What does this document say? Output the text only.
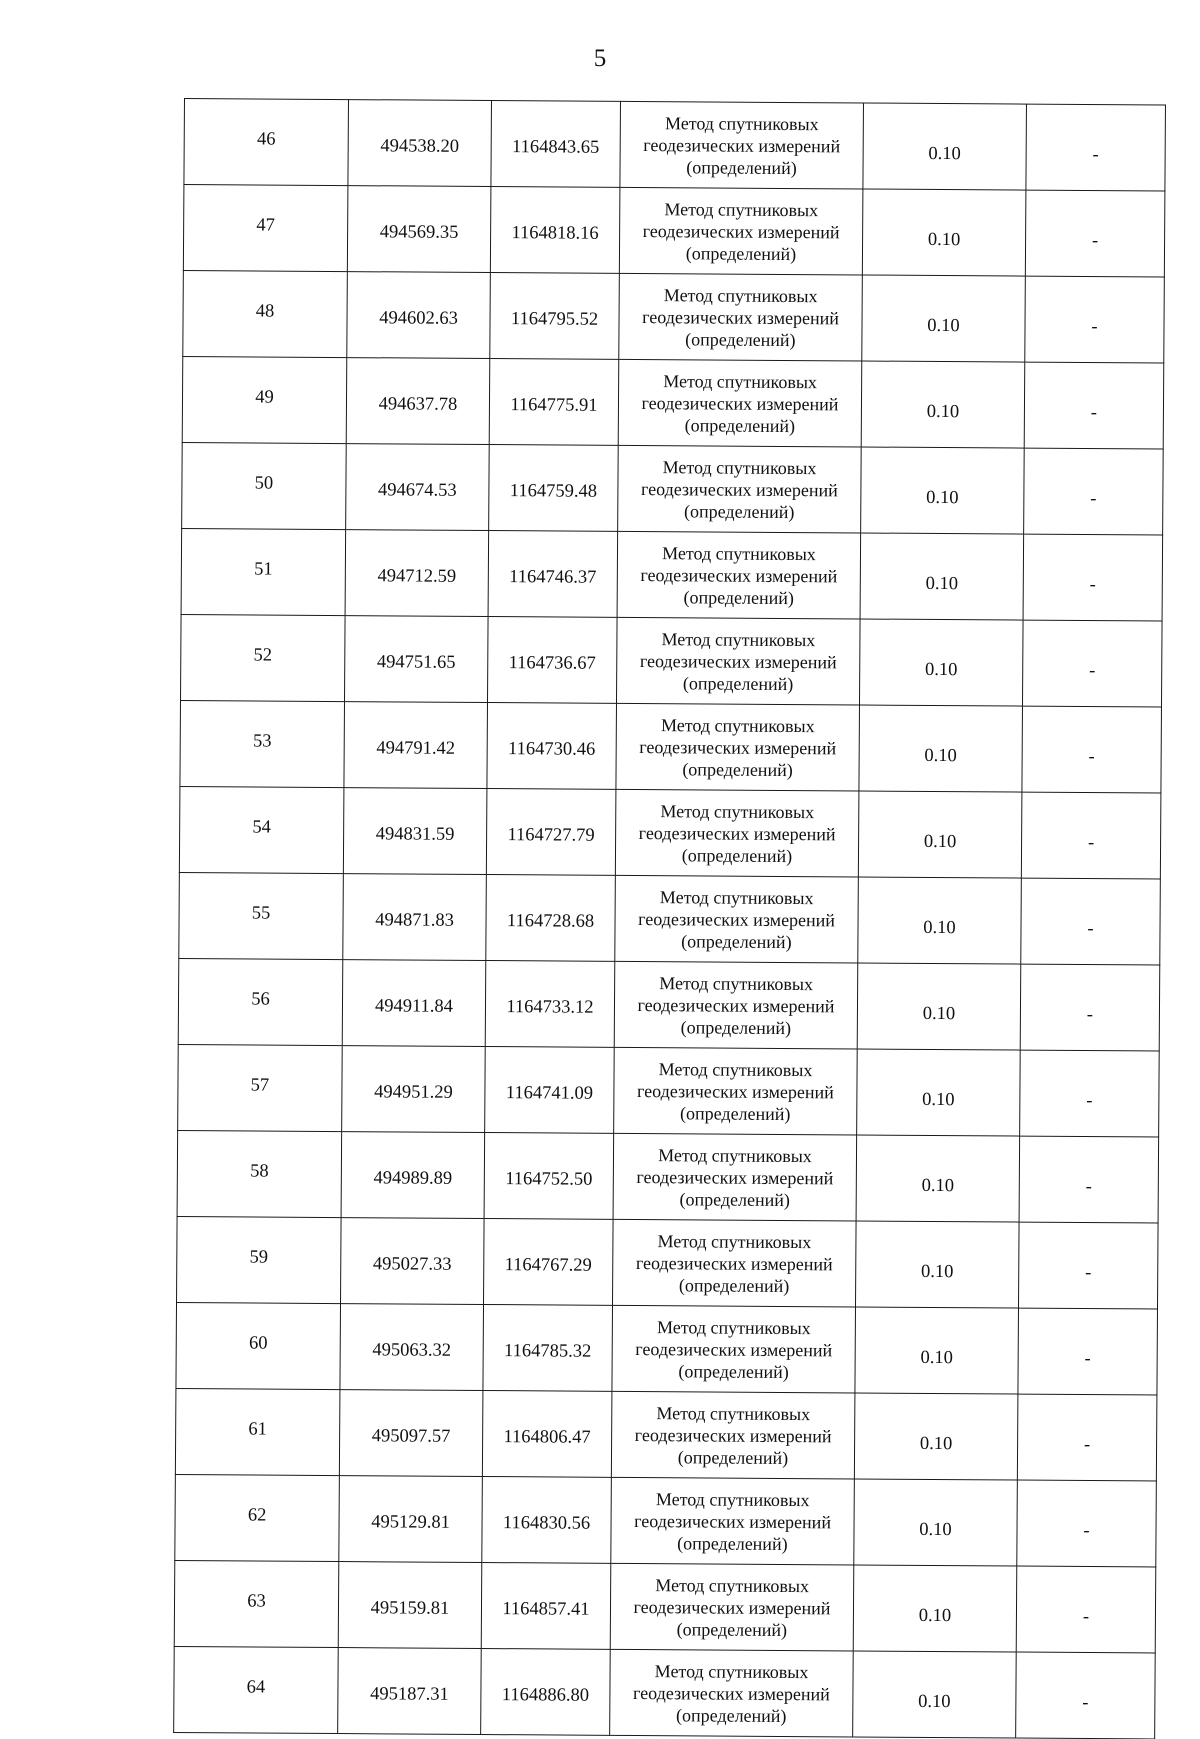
5
46	494538.20	1164843.65	Метод спутниковых
геодезических измерений
(определений)	0.10	-
47	494569.35	1164818.16	Метод спутниковых
геодезических измерений
(определений)	0.10	-
48	494602.63	1164795.52	Метод спутниковых
геодезических измерений
(определений)	0.10	-
49	494637.78	1164775.91	Метод спутниковых
геодезических измерений
(определений)	0.10	-
50	494674.53	1164759.48	Метод спутниковых
геодезических измерений
(определений)	0.10	-
51	494712.59	1164746.37	Метод спутниковых
геодезических измерений
(определений)	0.10	-
52	494751.65	1164736.67	Метод спутниковых
геодезических измерений
(определений)	0.10	-
53	494791.42	1164730.46	Метод спутниковых
геодезических измерений
(определений)	0.10	-
54	494831.59	1164727.79	Метод спутниковых
геодезических измерений
(определений)	0.10	-
55	494871.83	1164728.68	Метод спутниковых
геодезических измерений
(определений)	0.10	-
56	494911.84	1164733.12	Метод спутниковых
геодезических измерений
(определений)	0.10	-
57	494951.29	1164741.09	Метод спутниковых
геодезических измерений
(определений)	0.10	-
58	494989.89	1164752.50	Метод спутниковых
геодезических измерений
(определений)	0.10	-
59	495027.33	1164767.29	Метод спутниковых
геодезических измерений
(определений)	0.10	-
60	495063.32	1164785.32	Метод спутниковых
геодезических измерений
(определений)	0.10	-
61	495097.57	1164806.47	Метод спутниковых
геодезических измерений
(определений)	0.10	-
62	495129.81	1164830.56	Метод спутниковых
геодезических измерений
(определений)	0.10	-
63	495159.81	1164857.41	Метод спутниковых
геодезических измерений
(определений)	0.10	-
64	495187.31	1164886.80	Метод спутниковых
геодезических измерений
(определений)	0.10	-
